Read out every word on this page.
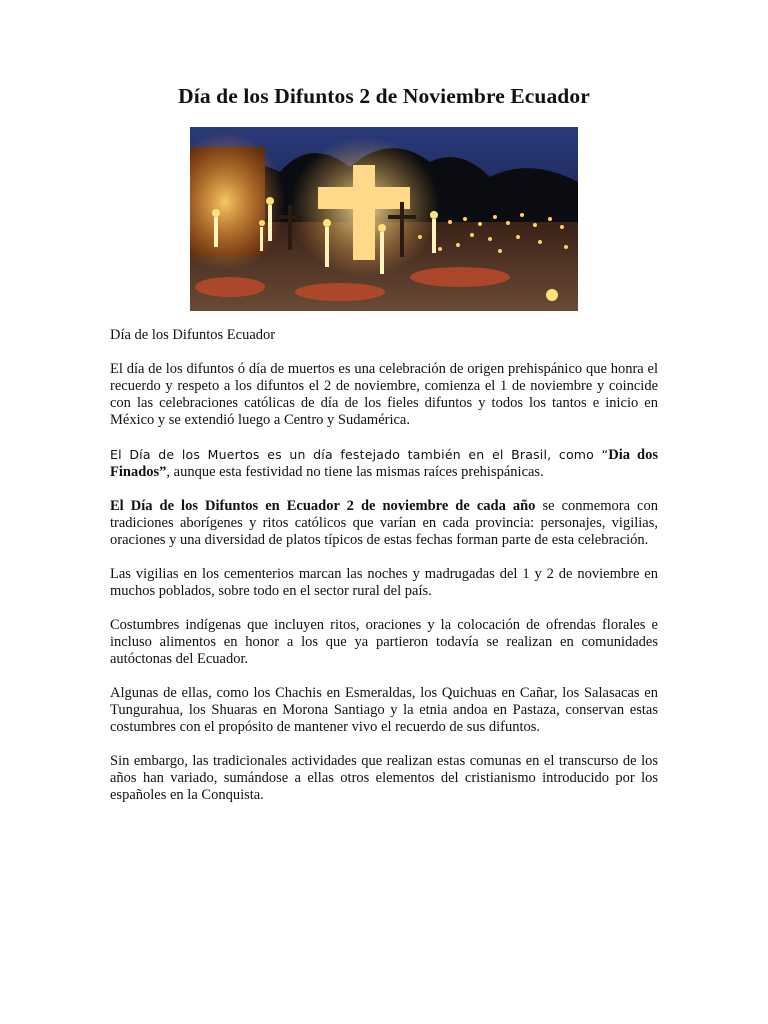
Día de los Difuntos 2 de Noviembre Ecuador

Día de los Difuntos Ecuador

El día de los difuntos ó día de muertos es una celebración de origen prehispánico que honra el recuerdo y respeto a los difuntos el 2 de noviembre, comienza el 1 de noviembre y coincide con las celebraciones católicas de día de los fieles difuntos y todos los tantos e inicio en México y se extendió luego a Centro y Sudamérica.

El Día de los Muertos es un día festejado también en el Brasil, como “Dia dos Finados”, aunque esta festividad no tiene las mismas raíces prehispánicas.

El Día de los Difuntos en Ecuador 2 de noviembre de cada año se conmemora con tradiciones aborígenes y ritos católicos que varían en cada provincia: personajes, vigilias, oraciones y una diversidad de platos típicos de estas fechas forman parte de esta celebración.

Las vigilias en los cementerios marcan las noches y madrugadas del 1 y 2 de noviembre en muchos poblados, sobre todo en el sector rural del país.

Costumbres indígenas que incluyen ritos, oraciones y la colocación de ofrendas florales e incluso alimentos en honor a los que ya partieron todavía se realizan en comunidades autóctonas del Ecuador.

Algunas de ellas, como los Chachis en Esmeraldas, los Quichuas en Cañar, los Salasacas en Tungurahua, los Shuaras en Morona Santiago y la etnia andoa en Pastaza, conservan estas costumbres con el propósito de mantener vivo el recuerdo de sus difuntos.

Sin embargo, las tradicionales actividades que realizan estas comunas en el transcurso de los años han variado, sumándose a ellas otros elementos del cristianismo introducido por los españoles en la Conquista.
